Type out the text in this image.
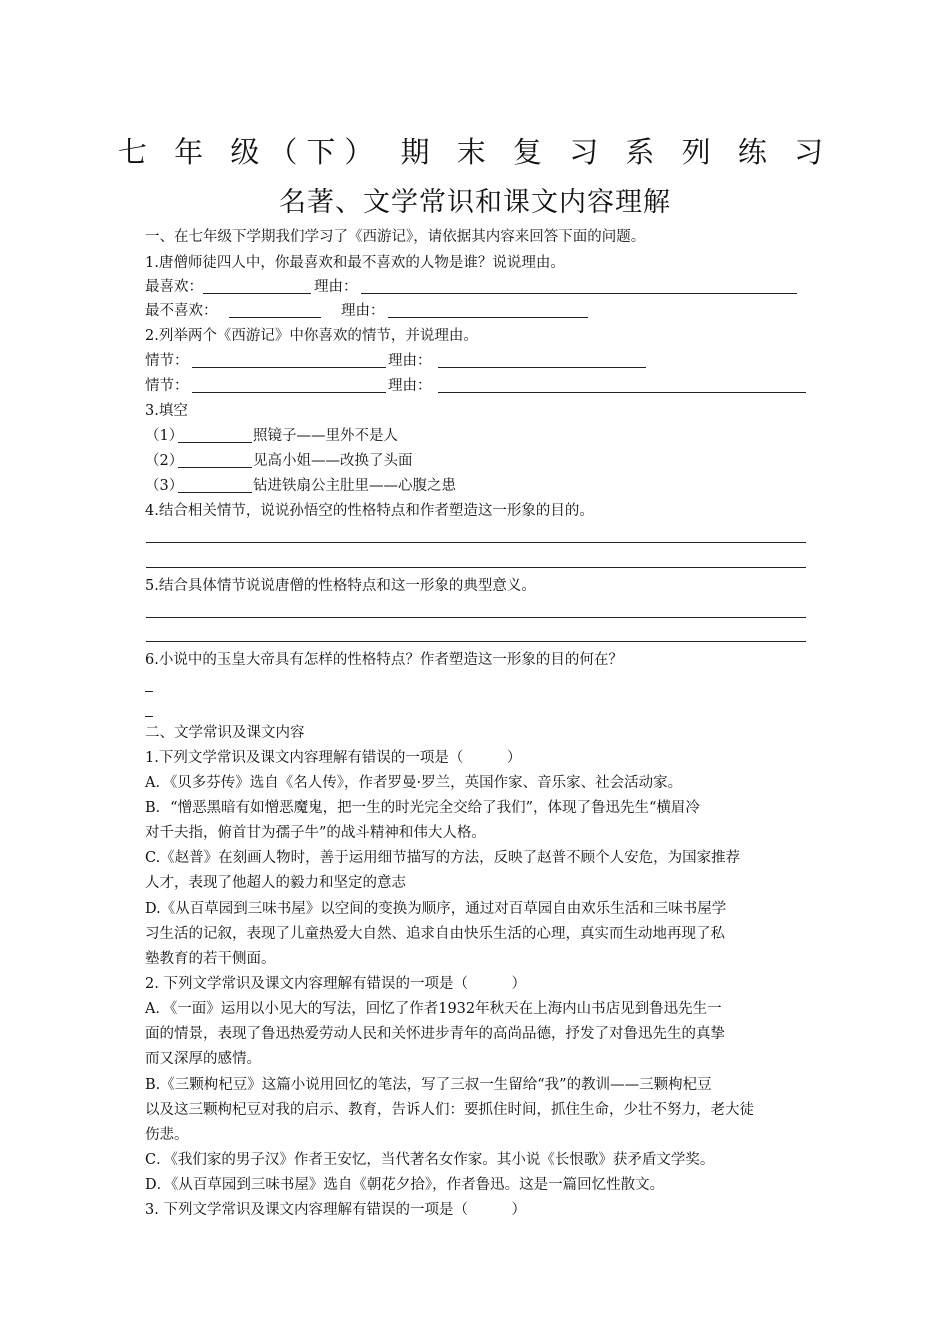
七 年 级（下） 期 末 复 习 系 列 练 习
名著、文学常识和课文内容理解
一、在七年级下学期我们学习了《西游记》，请依据其内容来回答下面的问题。
1.唐僧师徒四人中，你最喜欢和最不喜欢的人物是谁？说说理由。
最喜欢：	理由：
最不喜欢：	理由：
2.列举两个《西游记》中你喜欢的情节，并说理由。
情节：	理由：
情节：	理由：
3.填空
（1）	照镜子——里外不是人
（2）	见高小姐——改换了头面
（3）	钻进铁扇公主肚里——心腹之患
4.结合相关情节，说说孙悟空的性格特点和作者塑造这一形象的目的。
5.结合具体情节说说唐僧的性格特点和这一形象的典型意义。
6.小说中的玉皇大帝具有怎样的性格特点？作者塑造这一形象的目的何在？
二、文学常识及课文内容
1.下列文学常识及课文内容理解有错误的一项是（　　　）
A．《贝多芬传》选自《名人传》，作者罗曼·罗兰，英国作家、音乐家、社会活动家。
B．“憎恶黑暗有如憎恶魔鬼，把一生的时光完全交给了我们”，体现了鲁迅先生“横眉冷
对千夫指，俯首甘为孺子牛”的战斗精神和伟大人格。
C.《赵普》在刻画人物时，善于运用细节描写的方法，反映了赵普不顾个人安危，为国家推荐
人才，表现了他超人的毅力和坚定的意志
D.《从百草园到三味书屋》以空间的变换为顺序，通过对百草园自由欢乐生活和三味书屋学
习生活的记叙，表现了儿童热爱大自然、追求自由快乐生活的心理，真实而生动地再现了私
塾教育的若干侧面。
2. 下列文学常识及课文内容理解有错误的一项是（　　　）
A．《一面》运用以小见大的写法，回忆了作者1932年秋天在上海内山书店见到鲁迅先生一
面的情景，表现了鲁迅热爱劳动人民和关怀进步青年的高尚品德，抒发了对鲁迅先生的真挚
而又深厚的感情。
B.《三颗枸杞豆》这篇小说用回忆的笔法，写了三叔一生留给“我”的教训——三颗枸杞豆
以及这三颗枸杞豆对我的启示、教育，告诉人们：要抓住时间，抓住生命，少壮不努力，老大徒
伤悲。
C．《我们家的男子汉》作者王安忆，当代著名女作家。其小说《长恨歌》获矛盾文学奖。
D．《从百草园到三味书屋》选自《朝花夕拾》，作者鲁迅。这是一篇回忆性散文。
3. 下列文学常识及课文内容理解有错误的一项是（　　　）
